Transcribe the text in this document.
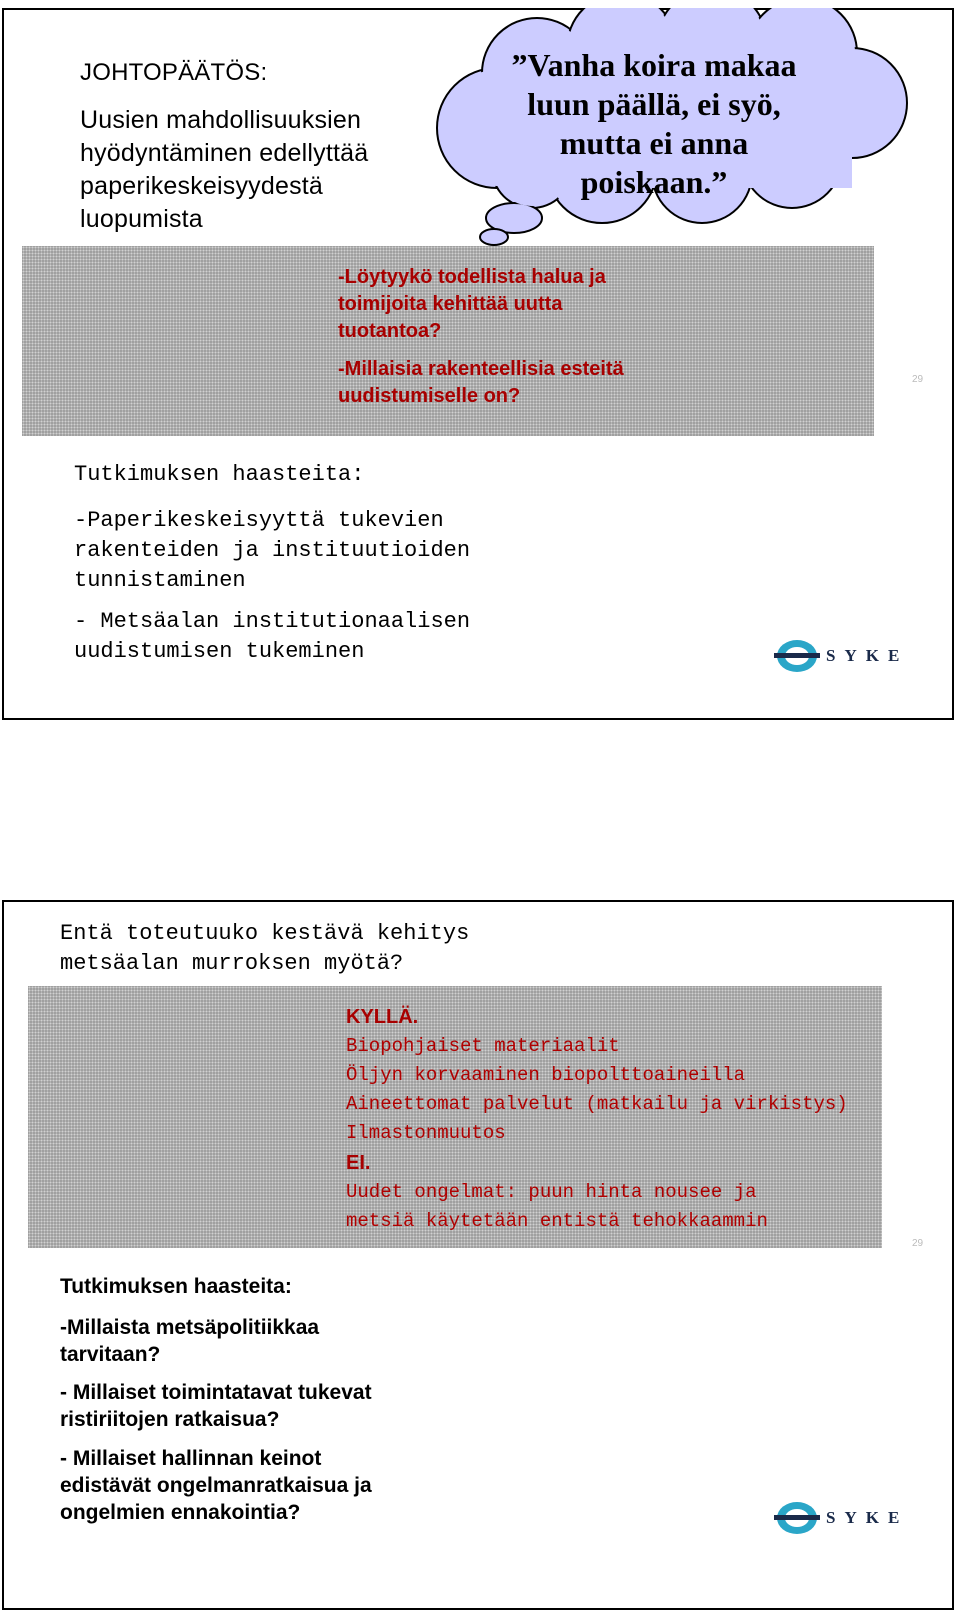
JOHTOPÄÄTÖS:
Uusien mahdollisuuksien
hyödyntäminen edellyttää
paperikeskeisyydestä
luopumista
”Vanha koira makaa
luun päällä, ei syö,
mutta ei anna
poiskaan.”
-Löytyykö todellista halua ja
toimijoita kehittää uutta
tuotantoa?
-Millaisia rakenteellisia esteitä
uudistumiselle on?
29
Tutkimuksen haasteita:
-Paperikeskeisyyttä tukevien
rakenteiden ja instituutioiden
tunnistaminen
- Metsäalan institutionaalisen
uudistumisen tukeminen	SYKE
Entä toteutuuko kestävä kehitys
metsäalan murroksen myötä?
KYLLÄ.
Biopohjaiset materiaalit
Öljyn korvaaminen biopolttoaineilla
Aineettomat palvelut (matkailu ja virkistys)
Ilmastonmuutos
EI.
Uudet ongelmat: puun hinta nousee ja
metsiä käytetään entistä tehokkaammin
29
Tutkimuksen haasteita:
-Millaista metsäpolitiikkaa
tarvitaan?
- Millaiset toimintatavat tukevat
ristiriitojen ratkaisua?
- Millaiset hallinnan keinot
edistävät ongelmanratkaisua ja
ongelmien ennakointia?	SYKE
